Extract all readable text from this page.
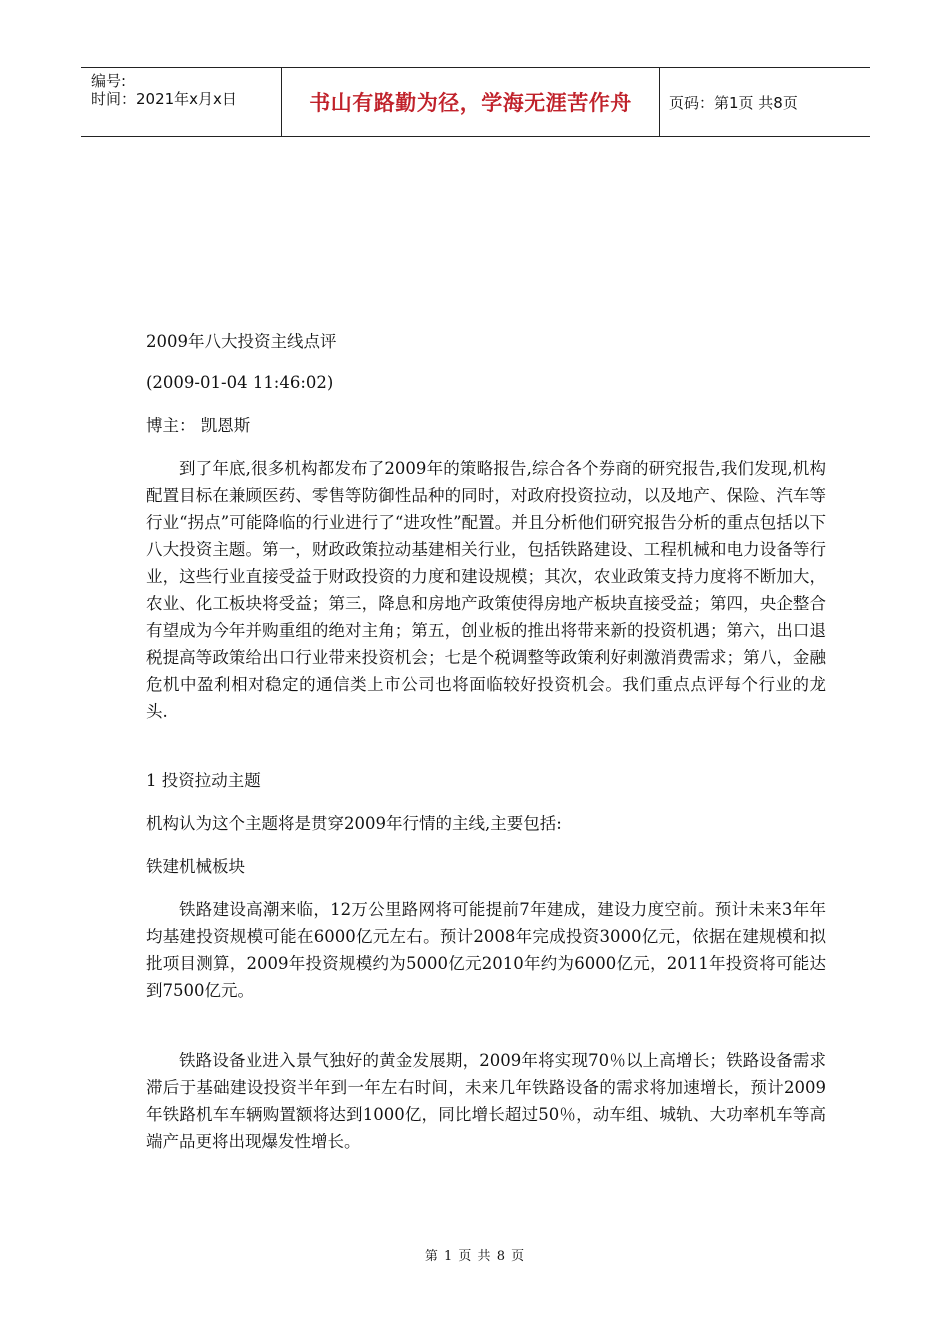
编号:
时间：2021年x月x日	书山有路勤为径，学海无涯苦作舟	页码：第1页 共8页

2009年八大投资主线点评

(2009-01-04 11:46:02)

博主： 凯恩斯

到了年底,很多机构都发布了2009年的策略报告,综合各个券商的研究报告,我们发现,机构配置目标在兼顾医药、零售等防御性品种的同时，对政府投资拉动，以及地产、保险、汽车等行业“拐点”可能降临的行业进行了“进攻性”配置。并且分析他们研究报告分析的重点包括以下八大投资主题。第一，财政政策拉动基建相关行业，包括铁路建设、工程机械和电力设备等行业，这些行业直接受益于财政投资的力度和建设规模；其次，农业政策支持力度将不断加大，农业、化工板块将受益；第三，降息和房地产政策使得房地产板块直接受益；第四，央企整合有望成为今年并购重组的绝对主角；第五，创业板的推出将带来新的投资机遇；第六，出口退税提高等政策给出口行业带来投资机会；七是个税调整等政策利好刺激消费需求；第八，金融危机中盈利相对稳定的通信类上市公司也将面临较好投资机会。我们重点点评每个行业的龙头.

1 投资拉动主题

机构认为这个主题将是贯穿2009年行情的主线,主要包括:

铁建机械板块

铁路建设高潮来临，12万公里路网将可能提前7年建成，建设力度空前。预计未来3年年均基建投资规模可能在6000亿元左右。预计2008年完成投资3000亿元，依据在建规模和拟批项目测算，2009年投资规模约为5000亿元2010年约为6000亿元，2011年投资将可能达到7500亿元。

铁路设备业进入景气独好的黄金发展期，2009年将实现70％以上高增长；铁路设备需求滞后于基础建设投资半年到一年左右时间，未来几年铁路设备的需求将加速增长，预计2009年铁路机车车辆购置额将达到1000亿，同比增长超过50％，动车组、城轨、大功率机车等高端产品更将出现爆发性增长。

第 1 页 共 8 页
